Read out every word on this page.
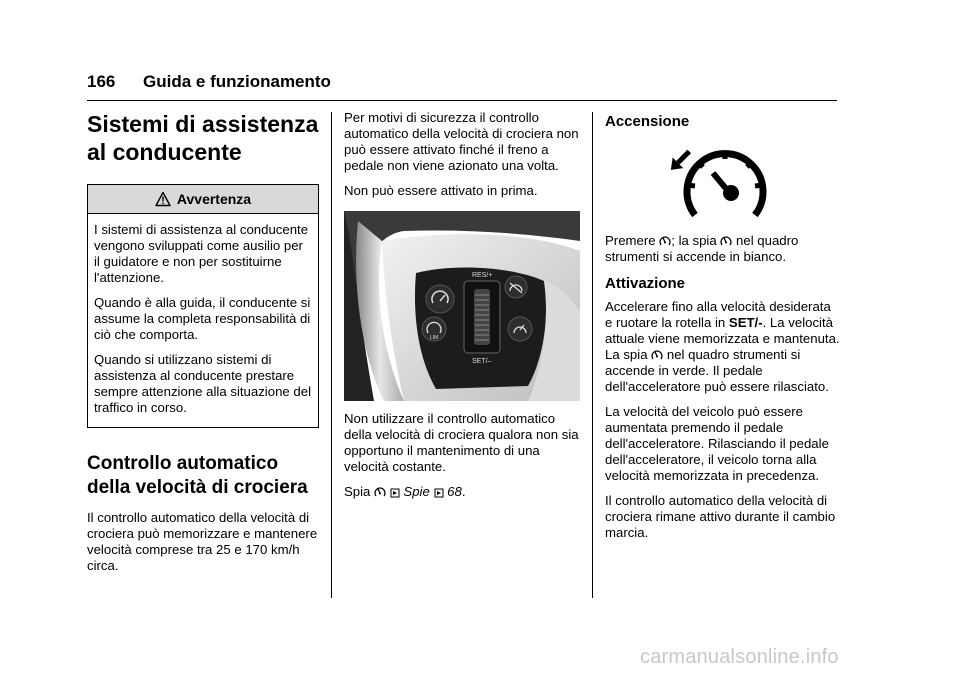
166 Guida e funzionamento
Sistemi di assistenza
al conducente
Avvertenza

I sistemi di assistenza al conducente vengono sviluppati come ausilio per il guidatore e non per sostituirne l'attenzione.

Quando è alla guida, il conducente si assume la completa responsabilità di ciò che comporta.

Quando si utilizzano sistemi di assistenza al conducente prestare sempre attenzione alla situazione del traffico in corso.

Controllo automatico
della velocità di crociera

Il controllo automatico della velocità di crociera può memorizzare e mantenere velocità comprese tra 25 e 170 km/h circa.

Per motivi di sicurezza il controllo automatico della velocità di crociera non può essere attivato finché il freno a pedale non viene azionato una volta.

Non può essere attivato in prima.

LIM
RES/+
SET/–

Non utilizzare il controllo automatico della velocità di crociera qualora non sia opportuno il mantenimento di una velocità costante.

Spia	Spie 68.

Accensione

Premere ; la spia nel quadro strumenti si accende in bianco.

Attivazione

Accelerare fino alla velocità desiderata e ruotare la rotella in SET/-. La velocità attuale viene memorizzata e mantenuta. La spia nel quadro strumenti si accende in verde. Il pedale dell'acceleratore può essere rilasciato.

La velocità del veicolo può essere aumentata premendo il pedale dell'acceleratore. Rilasciando il pedale dell'acceleratore, il veicolo torna alla velocità memorizzata in precedenza.

Il controllo automatico della velocità di crociera rimane attivo durante il cambio marcia.

carmanualsonline.info
